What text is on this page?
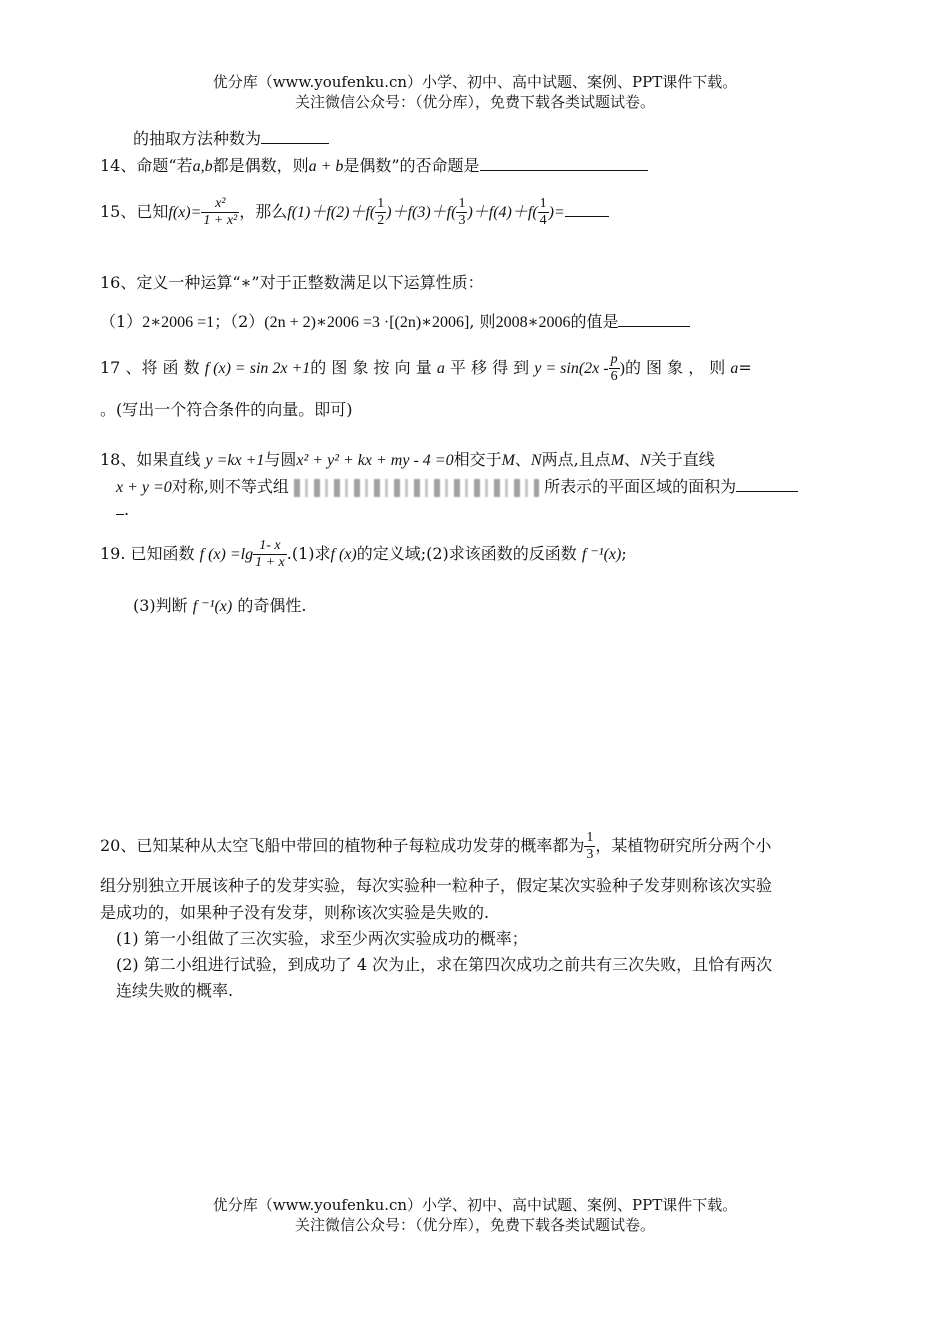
优分库（www.youfenku.cn）小学、初中、高中试题、案例、PPT课件下载。
关注微信公众号：（优分库），免费下载各类试题试卷。
的抽取方法种数为
14、命题“若a,b都是偶数，则a + b是偶数”的否命题是
15、已知$f(x)= \frac{\text{x²}}{\text{1 + x²}}$ ，那么$f(1)+f(2)+f( \frac{1}{2} )+f(3)+f( \frac{1}{3} )+f(4)+f( \frac{1}{4}$ )=
16、定义一种运算“∗”对于正整数满足以下运算性质：
（1）2∗2006 =1；（2）(2n + 2)∗2006 =3 ·[(2n)∗2006], 则2008∗2006的值是
17 、将 函 数 f (x) = sin 2x +1的 图 象 按 向 量 a 平 移 得 到 $y = \sin(2x - \frac{p}{6}$ )的 图 象 ， 则 a=
。(写出一个符合条件的向量。即可)
18、如果直线 y =kx +1与圆x² + y² + kx + my - 4 =0相交于M、N两点,且点M、N关于直线
x + y =0对称,则不等式组	所表示的平面区域的面积为
.
19. 已知函数 f $(x) =\lg \frac{1- x}{1 + x} .(1)$求f (x)的定义域;(2)求该函数的反函数 f ⁻¹(x);
(3)判断 f ⁻¹(x) 的奇偶性.
20、已知某种从太空飞船中带回的植物种子每粒成功发芽的概率都为 $\frac{1}{3}$ ，某植物研究所分两个小
组分别独立开展该种子的发芽实验，每次实验种一粒种子，假定某次实验种子发芽则称该次实验
是成功的，如果种子没有发芽，则称该次实验是失败的.
(1) 第一小组做了三次实验，求至少两次实验成功的概率；
(2) 第二小组进行试验，到成功了 4 次为止，求在第四次成功之前共有三次失败，且恰有两次
连续失败的概率.
优分库（www.youfenku.cn）小学、初中、高中试题、案例、PPT课件下载。
关注微信公众号：（优分库），免费下载各类试题试卷。
